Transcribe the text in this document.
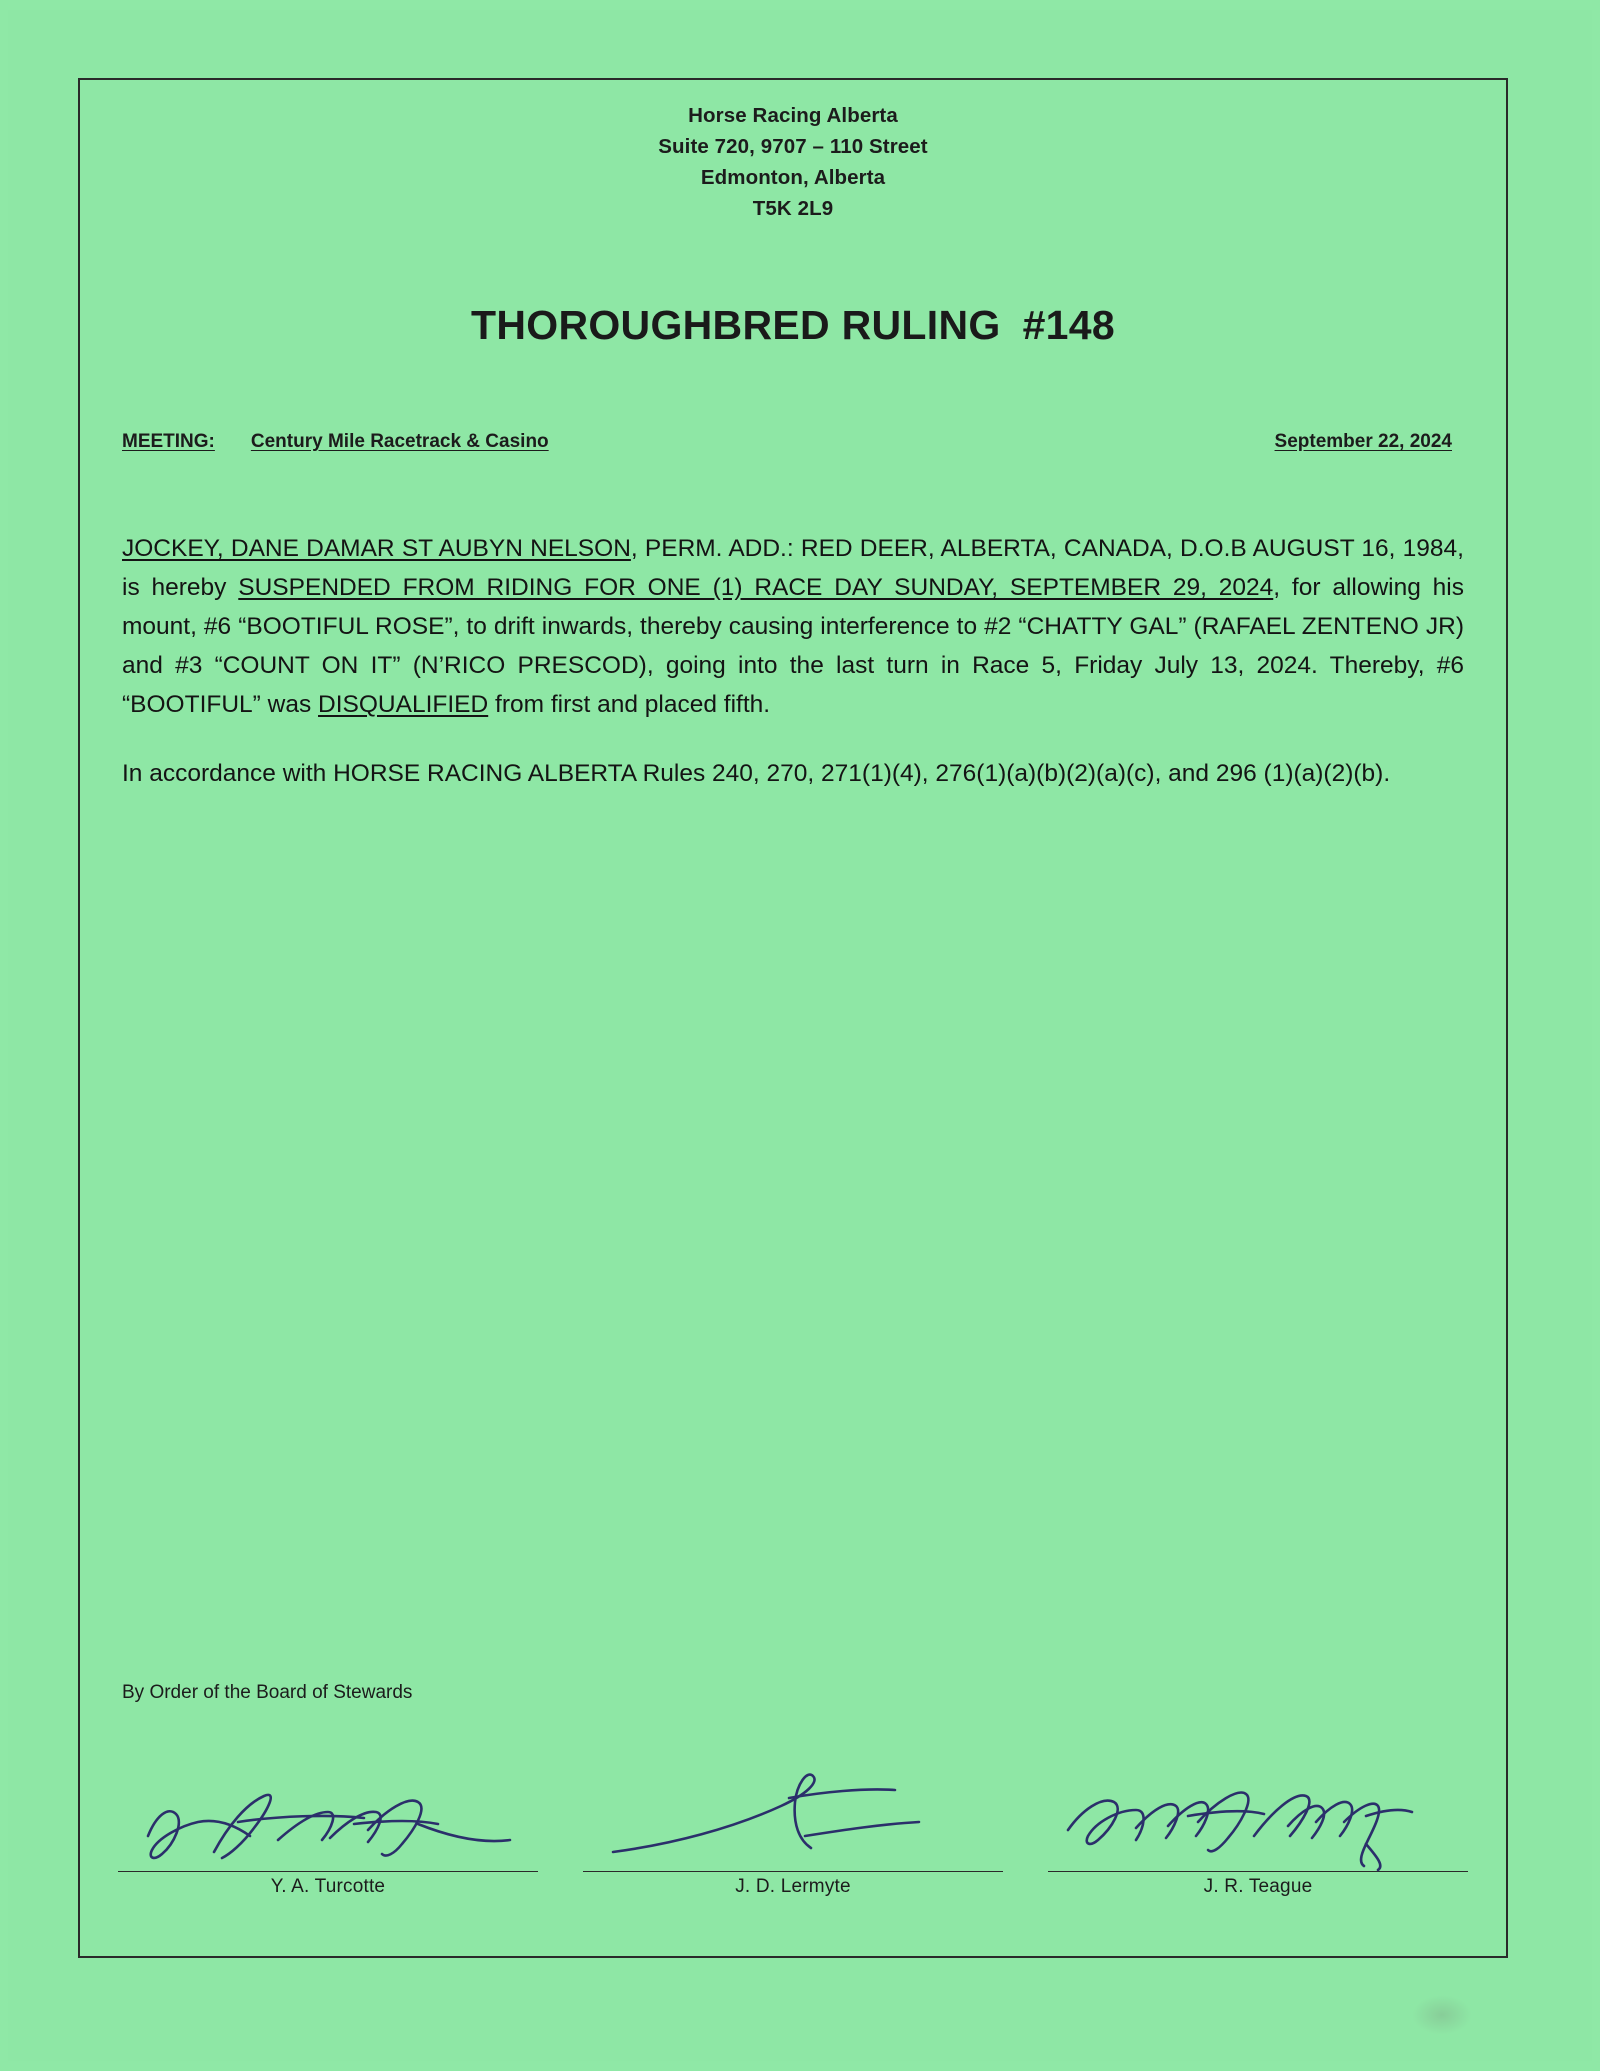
Horse Racing Alberta
Suite 720, 9707 – 110 Street
Edmonton, Alberta
T5K 2L9
THOROUGHBRED RULING #148
MEETING: Century Mile Racetrack & Casino	September 22, 2024

JOCKEY, DANE DAMAR ST AUBYN NELSON, PERM. ADD.: RED DEER, ALBERTA, CANADA, D.O.B AUGUST 16, 1984, is hereby SUSPENDED FROM RIDING FOR ONE (1) RACE DAY SUNDAY, SEPTEMBER 29, 2024, for allowing his mount, #6 “BOOTIFUL ROSE”, to drift inwards, thereby causing interference to #2 “CHATTY GAL” (RAFAEL ZENTENO JR) and #3 “COUNT ON IT” (N’RICO PRESCOD), going into the last turn in Race 5, Friday July 13, 2024. Thereby, #6 “BOOTIFUL” was DISQUALIFIED from first and placed fifth.

In accordance with HORSE RACING ALBERTA Rules 240, 270, 271(1)(4), 276(1)(a)(b)(2)(a)(c), and 296 (1)(a)(2)(b).

By Order of the Board of Stewards
Y. A. Turcotte	J. D. Lermyte	J. R. Teague
